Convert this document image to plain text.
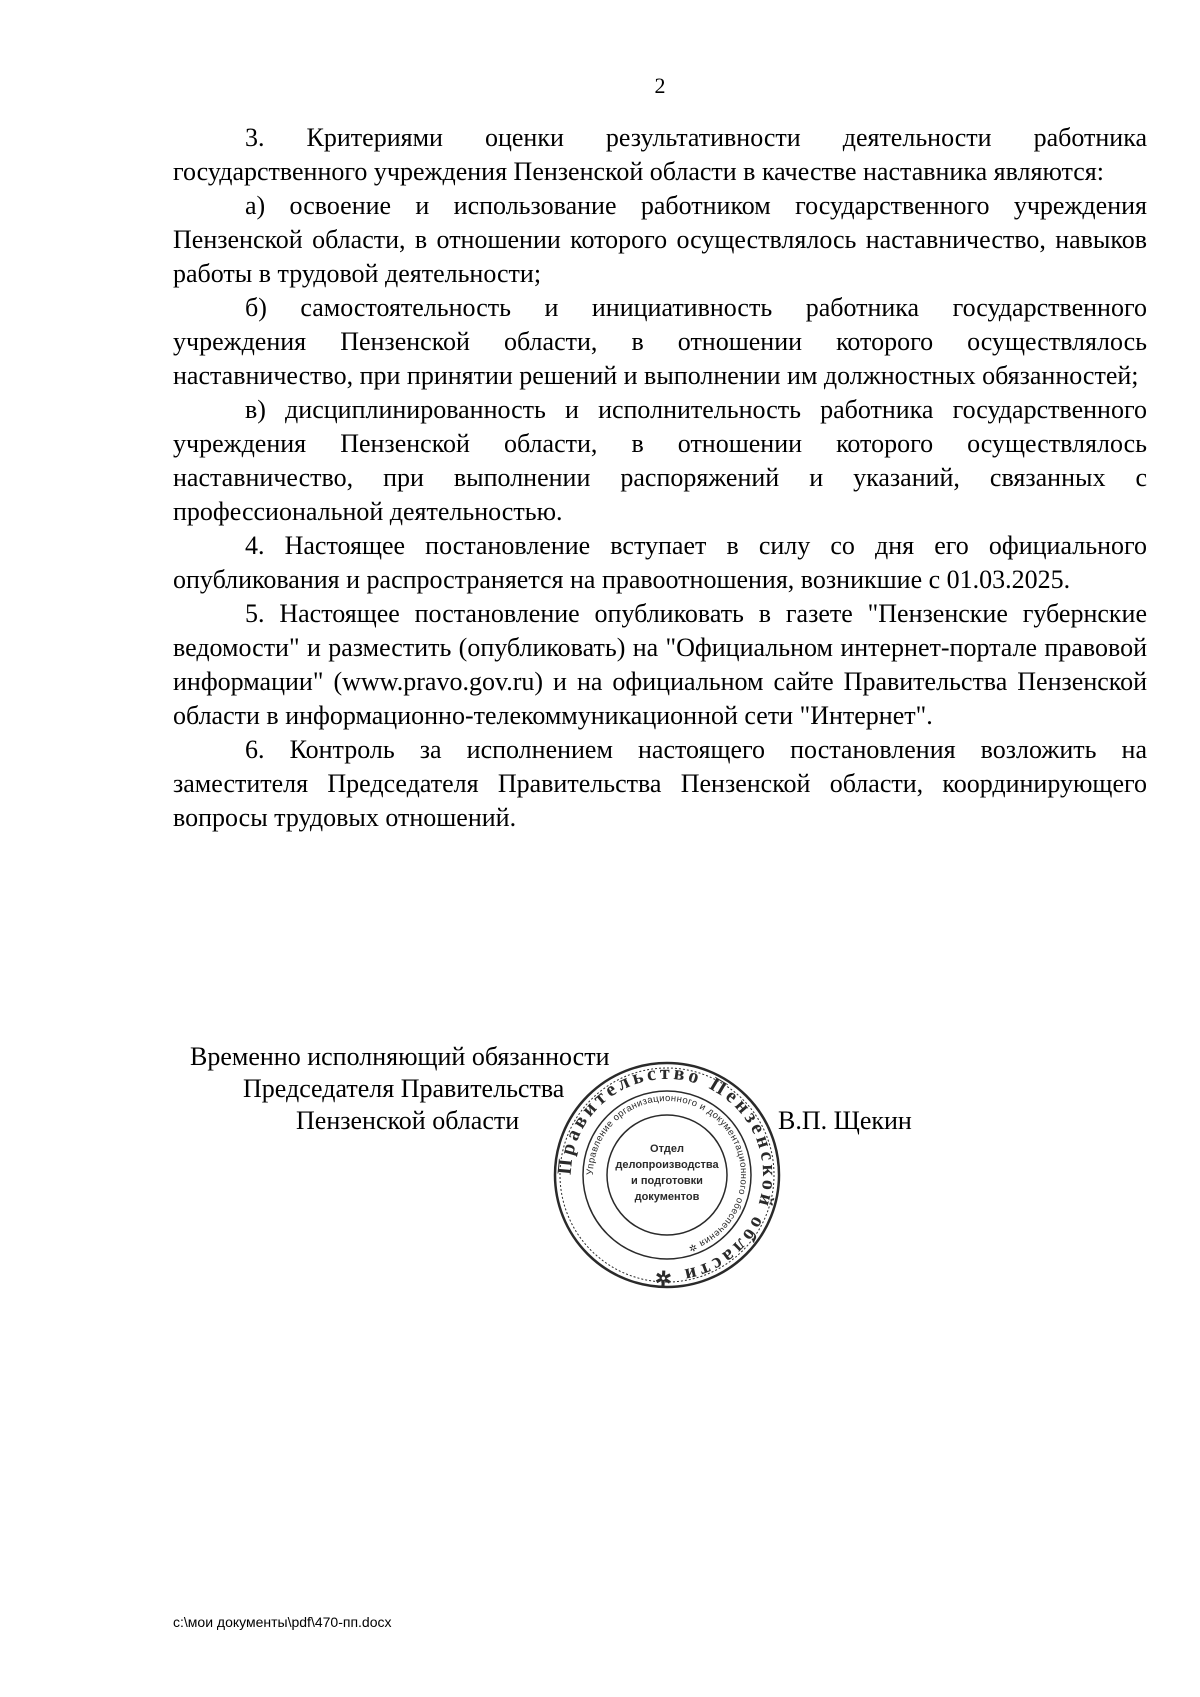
2

3. Критериями оценки результативности деятельности работника государственного учреждения Пензенской области в качестве наставника являются:

а) освоение и использование работником государственного учреждения Пензенской области, в отношении которого осуществлялось наставничество, навыков работы в трудовой деятельности;

б) самостоятельность и инициативность работника государственного учреждения Пензенской области, в отношении которого осуществлялось наставничество, при принятии решений и выполнении им должностных обязанностей;

в) дисциплинированность и исполнительность работника государственного учреждения Пензенской области, в отношении которого осуществлялось наставничество, при выполнении распоряжений и указаний, связанных с профессиональной деятельностью.

4. Настоящее постановление вступает в силу со дня его официального опубликования и распространяется на правоотношения, возникшие с 01.03.2025.

5. Настоящее постановление опубликовать в газете "Пензенские губернские ведомости" и разместить (опубликовать) на "Официальном интернет-портале правовой информации" (www.pravo.gov.ru) и на официальном сайте Правительства Пензенской области в информационно-телекоммуникационной сети "Интернет".

6. Контроль за исполнением настоящего постановления возложить на заместителя Председателя Правительства Пензенской области, координирующего вопросы трудовых отношений.

Временно исполняющий обязанности
Председателя Правительства
Пензенской области	В.П. Щекин
Правительство Пензенской области ✲
Управление организационного и документационного обеспечения ✲
Отдел
делопроизводства
и подготовки
документов
c:\мои документы\pdf\470-пп.docx
